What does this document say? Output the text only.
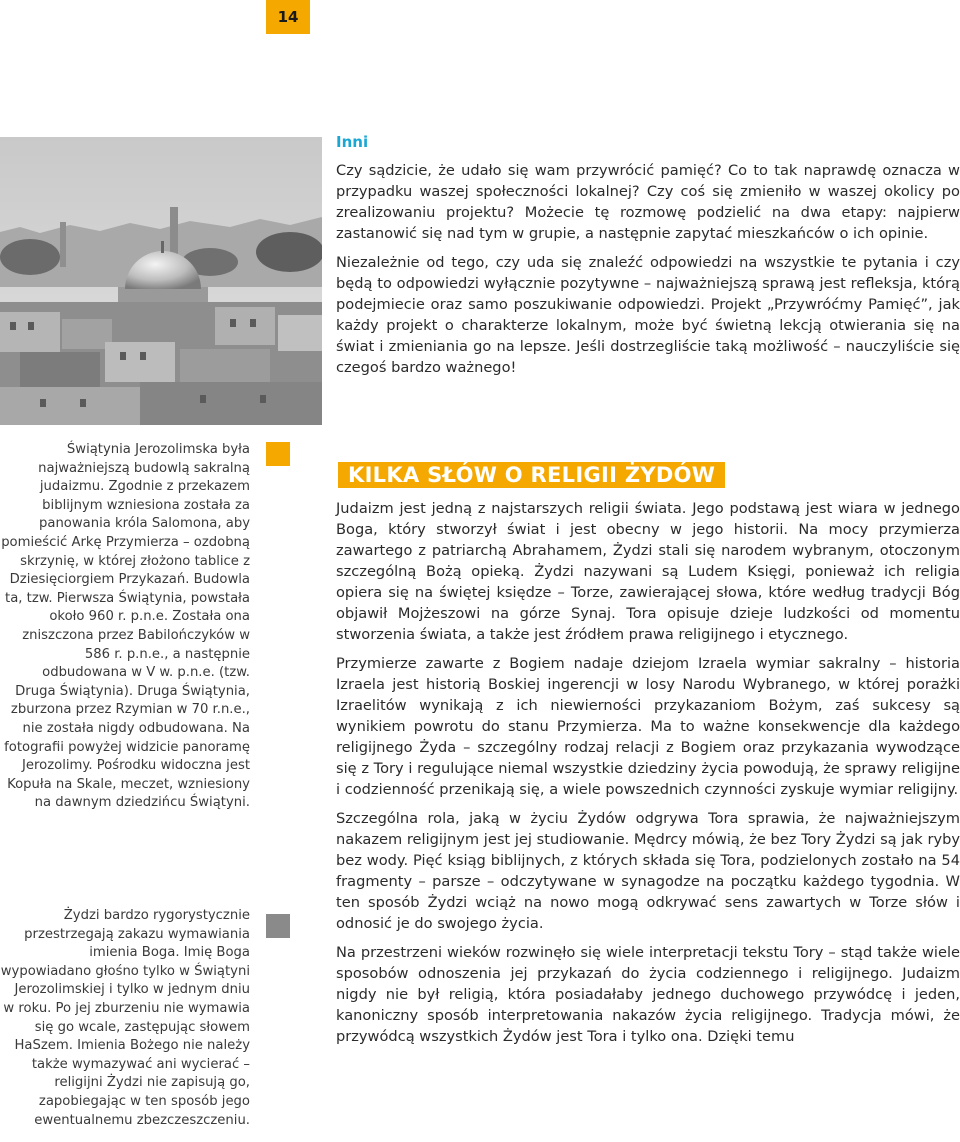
14
Świątynia Jerozolimska była najważniejszą budowlą sakralną judaizmu. Zgodnie z przekazem biblijnym wzniesiona została za panowania króla Salomona, aby pomieścić Arkę Przymierza – ozdobną skrzynię, w której złożono tablice z Dziesięciorgiem Przykazań. Budowla ta, tzw. Pierwsza Świątynia, powstała około 960 r. p.n.e. Została ona zniszczona przez Babilończyków w 586 r. p.n.e., a następnie odbudowana w V w. p.n.e. (tzw. Druga Świątynia). Druga Świątynia, zburzona przez Rzymian w 70 r.n.e., nie została nigdy odbudowana. Na fotografii powyżej widzicie panoramę Jerozolimy. Pośrodku widoczna jest Kopuła na Skale, meczet, wzniesiony na dawnym dziedzińcu Świątyni.
Żydzi bardzo rygorystycznie przestrzegają zakazu wymawiania imienia Boga. Imię Boga wypowiadano głośno tylko w Świątyni Jerozolimskiej i tylko w jednym dniu w roku. Po jej zburzeniu nie wymawia się go wcale, zastępując słowem HaSzem. Imienia Bożego nie należy także wymazywać ani wycierać – religijni Żydzi nie zapisują go, zapobiegając w ten sposób jego ewentualnemu zbezczeszczeniu.

Inni

Czy sądzicie, że udało się wam przywrócić pamięć? Co to tak naprawdę oznacza w przypadku waszej społeczności lokalnej? Czy coś się zmieniło w waszej okolicy po zrealizowaniu projektu? Możecie tę rozmowę podzielić na dwa etapy: najpierw zastanowić się nad tym w grupie, a następnie zapytać mieszkańców o ich opinie.

Niezależnie od tego, czy uda się znaleźć odpowiedzi na wszystkie te pytania i czy będą to odpowiedzi wyłącznie pozytywne – najważniejszą sprawą jest refleksja, którą podejmiecie oraz samo poszukiwanie odpowiedzi. Projekt „Przywróćmy Pamięć”, jak każdy projekt o charakterze lokalnym, może być świetną lekcją otwierania się na świat i zmieniania go na lepsze. Jeśli dostrzegliście taką możliwość – nauczyliście się czegoś bardzo ważnego!

KILKA SŁÓW O RELIGII ŻYDÓW

Judaizm jest jedną z najstarszych religii świata. Jego podstawą jest wiara w jednego Boga, który stworzył świat i jest obecny w jego historii. Na mocy przymierza zawartego z patriarchą Abrahamem, Żydzi stali się narodem wybranym, otoczonym szczególną Bożą opieką. Żydzi nazywani są Ludem Księgi, ponieważ ich religia opiera się na świętej księdze – Torze, zawierającej słowa, które według tradycji Bóg objawił Mojżeszowi na górze Synaj. Tora opisuje dzieje ludzkości od momentu stworzenia świata, a także jest źródłem prawa religijnego i etycznego.

Przymierze zawarte z Bogiem nadaje dziejom Izraela wymiar sakralny – historia Izraela jest historią Boskiej ingerencji w losy Narodu Wybranego, w której porażki Izraelitów wynikają z ich niewierności przykazaniom Bożym, zaś sukcesy są wynikiem powrotu do stanu Przymierza. Ma to ważne konsekwencje dla każdego religijnego Żyda – szczególny rodzaj relacji z Bogiem oraz przykazania wywodzące się z Tory i regulujące niemal wszystkie dziedziny życia powodują, że sprawy religijne i codzienność przenikają się, a wiele powszednich czynności zyskuje wymiar religijny.

Szczególna rola, jaką w życiu Żydów odgrywa Tora sprawia, że najważniejszym nakazem religijnym jest jej studiowanie. Mędrcy mówią, że bez Tory Żydzi są jak ryby bez wody. Pięć ksiąg biblijnych, z których składa się Tora, podzielonych zostało na 54 fragmenty – parsze – odczytywane w synagodze na początku każdego tygodnia. W ten sposób Żydzi wciąż na nowo mogą odkrywać sens zawartych w Torze słów i odnosić je do swojego życia.

Na przestrzeni wieków rozwinęło się wiele interpretacji tekstu Tory – stąd także wiele sposobów odnoszenia jej przykazań do życia codziennego i religijnego. Judaizm nigdy nie był religią, która posiadałaby jednego duchowego przywódcę i jeden, kanoniczny sposób interpretowania nakazów życia religijnego. Tradycja mówi, że przywódcą wszystkich Żydów jest Tora i tylko ona. Dzięki temu
